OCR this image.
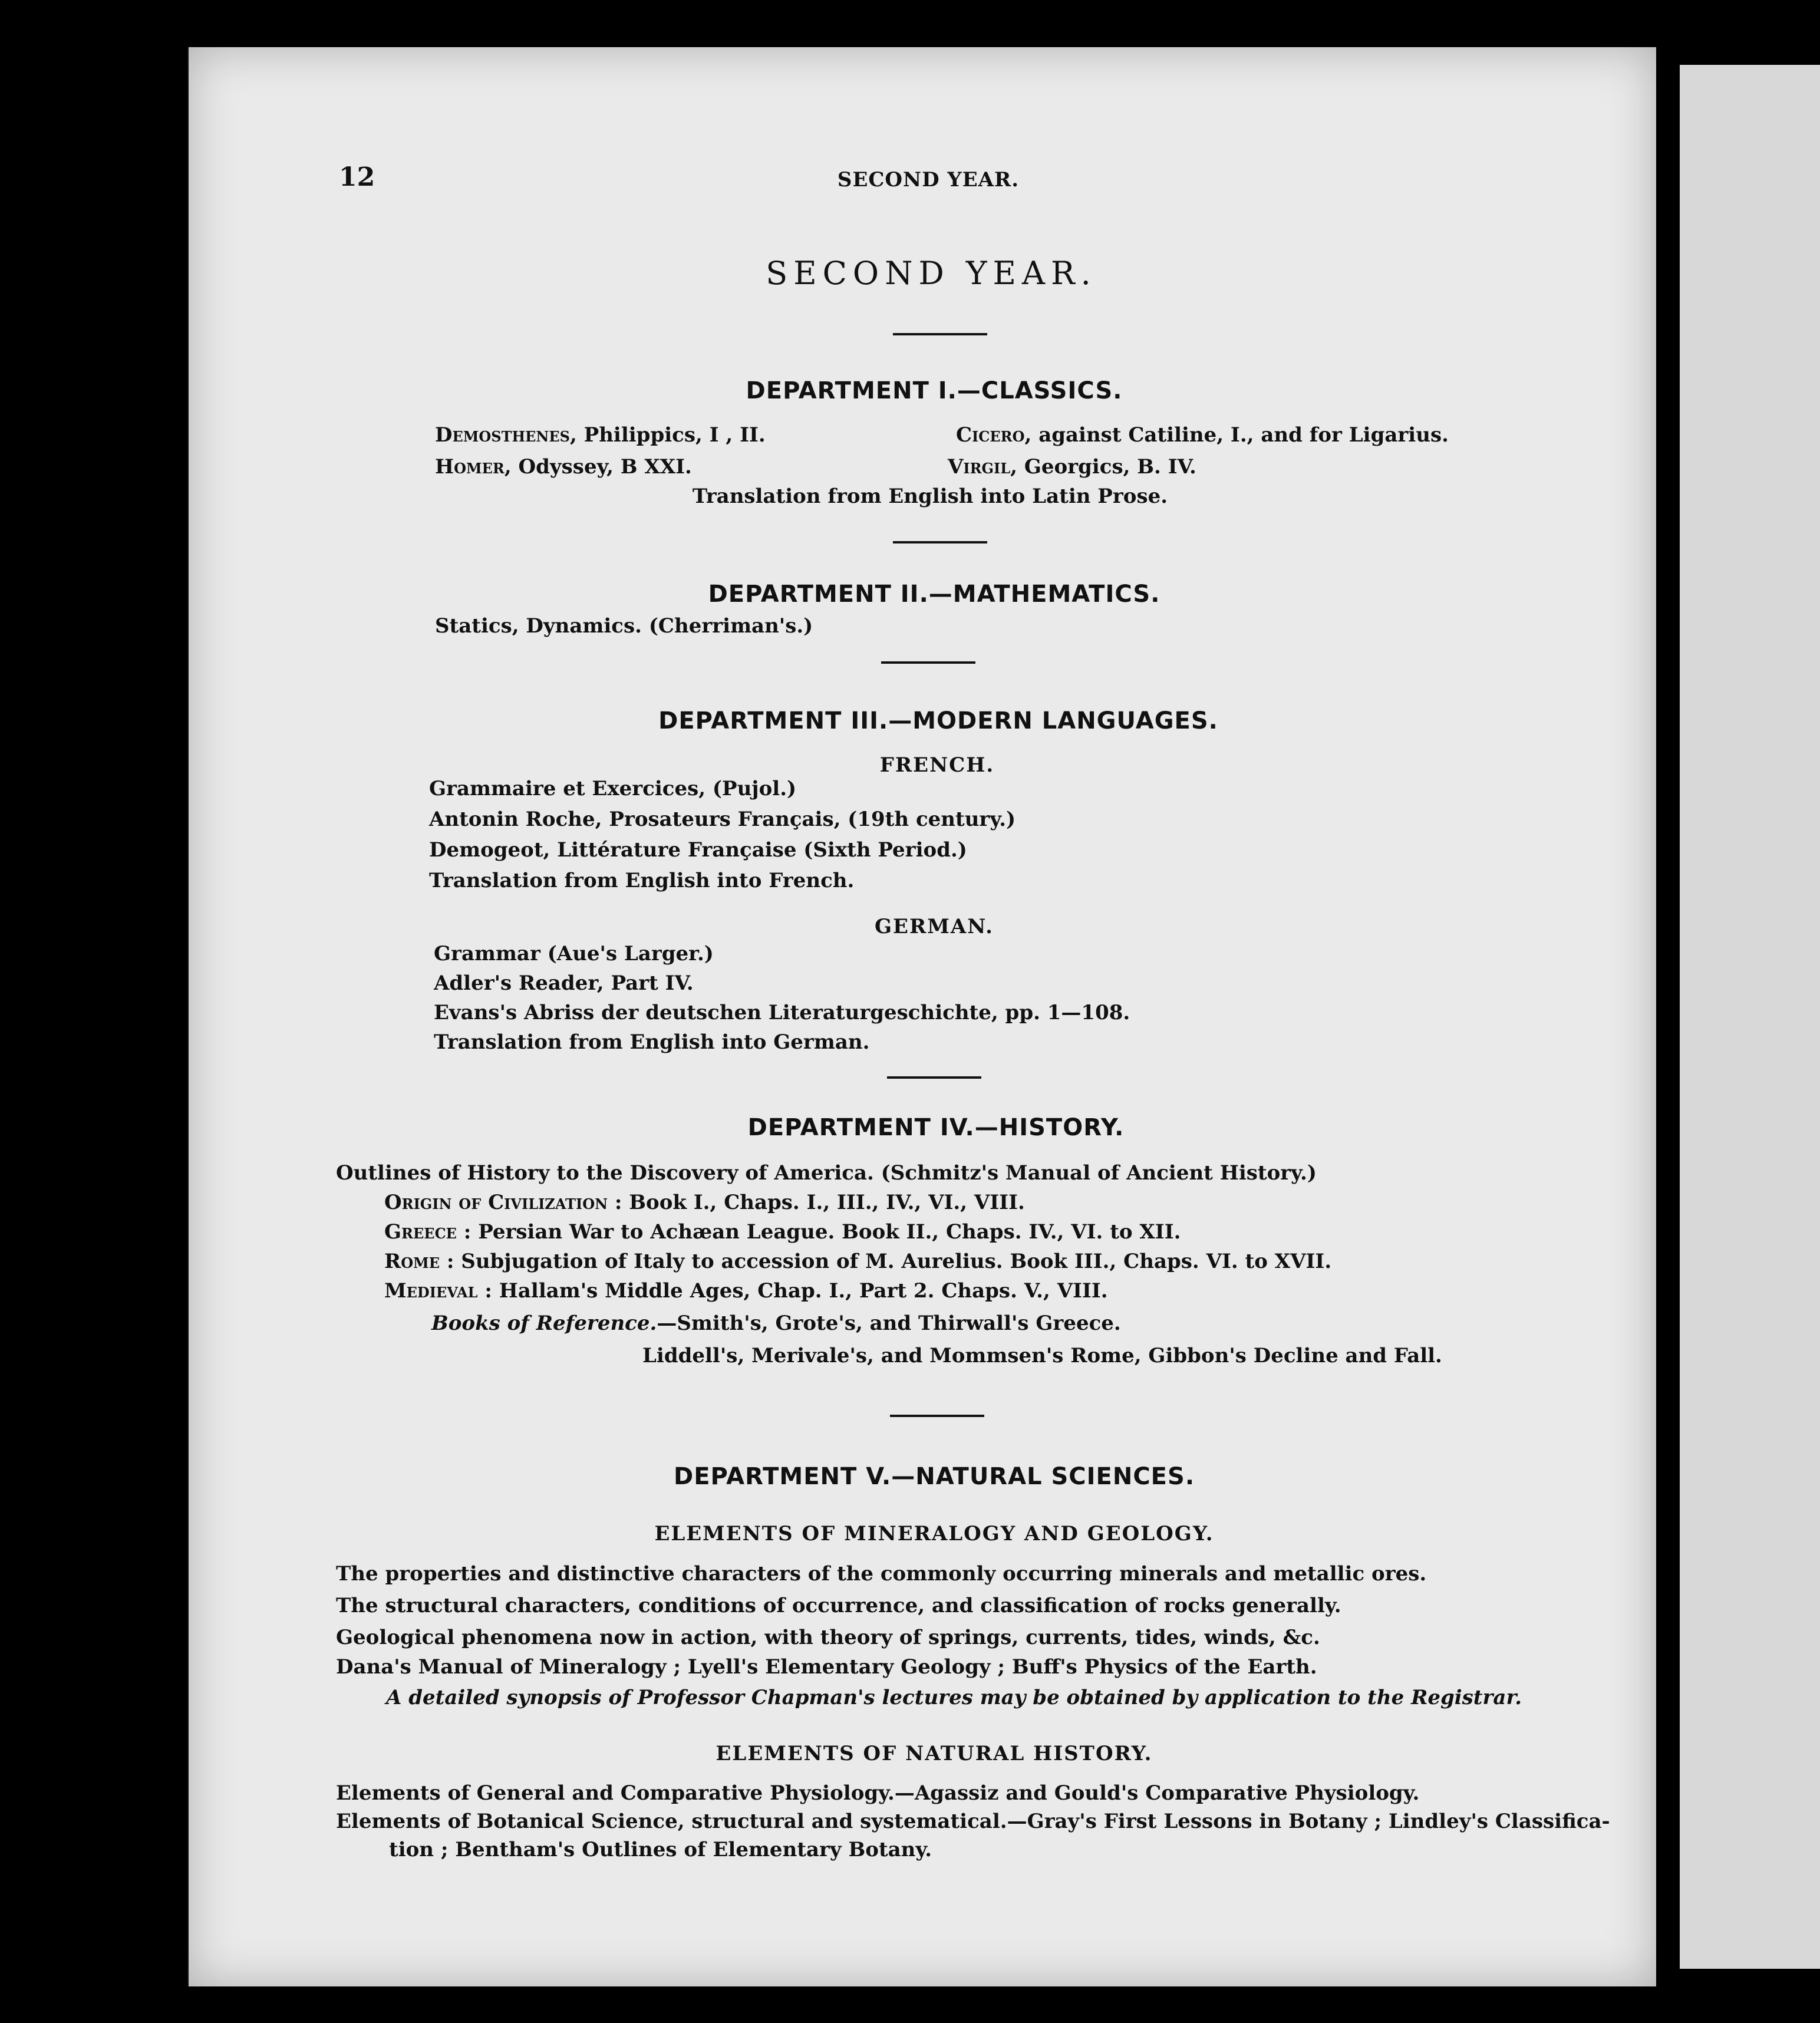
12	SECOND YEAR.
SECOND YEAR.
DEPARTMENT I.—CLASSICS.
Demosthenes, Philippics, I , II.	Cicero, against Catiline, I., and for Ligarius.
Homer, Odyssey, B XXI.	Virgil, Georgics, B. IV.
Translation from English into Latin Prose.
DEPARTMENT II.—MATHEMATICS.
Statics, Dynamics. (Cherriman's.)
DEPARTMENT III.—MODERN LANGUAGES.
FRENCH.
Grammaire et Exercices, (Pujol.)
Antonin Roche, Prosateurs Français, (19th century.)
Demogeot, Littérature Française (Sixth Period.)
Translation from English into French.
GERMAN.
Grammar (Aue's Larger.)
Adler's Reader, Part IV.
Evans's Abriss der deutschen Literaturgeschichte, pp. 1—108.
Translation from English into German.
DEPARTMENT IV.—HISTORY.
Outlines of History to the Discovery of America. (Schmitz's Manual of Ancient History.)
Origin of Civilization : Book I., Chaps. I., III., IV., VI., VIII.
Greece : Persian War to Achæan League. Book II., Chaps. IV., VI. to XII.
Rome : Subjugation of Italy to accession of M. Aurelius. Book III., Chaps. VI. to XVII.
Medieval : Hallam's Middle Ages, Chap. I., Part 2. Chaps. V., VIII.
Books of Reference.—Smith's, Grote's, and Thirwall's Greece.
Liddell's, Merivale's, and Mommsen's Rome, Gibbon's Decline and Fall.
DEPARTMENT V.—NATURAL SCIENCES.
ELEMENTS OF MINERALOGY AND GEOLOGY.
The properties and distinctive characters of the commonly occurring minerals and metallic ores.
The structural characters, conditions of occurrence, and classification of rocks generally.
Geological phenomena now in action, with theory of springs, currents, tides, winds, &c.
Dana's Manual of Mineralogy ; Lyell's Elementary Geology ; Buff's Physics of the Earth.
A detailed synopsis of Professor Chapman's lectures may be obtained by application to the Registrar.
ELEMENTS OF NATURAL HISTORY.
Elements of General and Comparative Physiology.—Agassiz and Gould's Comparative Physiology.
Elements of Botanical Science, structural and systematical.—Gray's First Lessons in Botany ; Lindley's Classifica-
tion ; Bentham's Outlines of Elementary Botany.
